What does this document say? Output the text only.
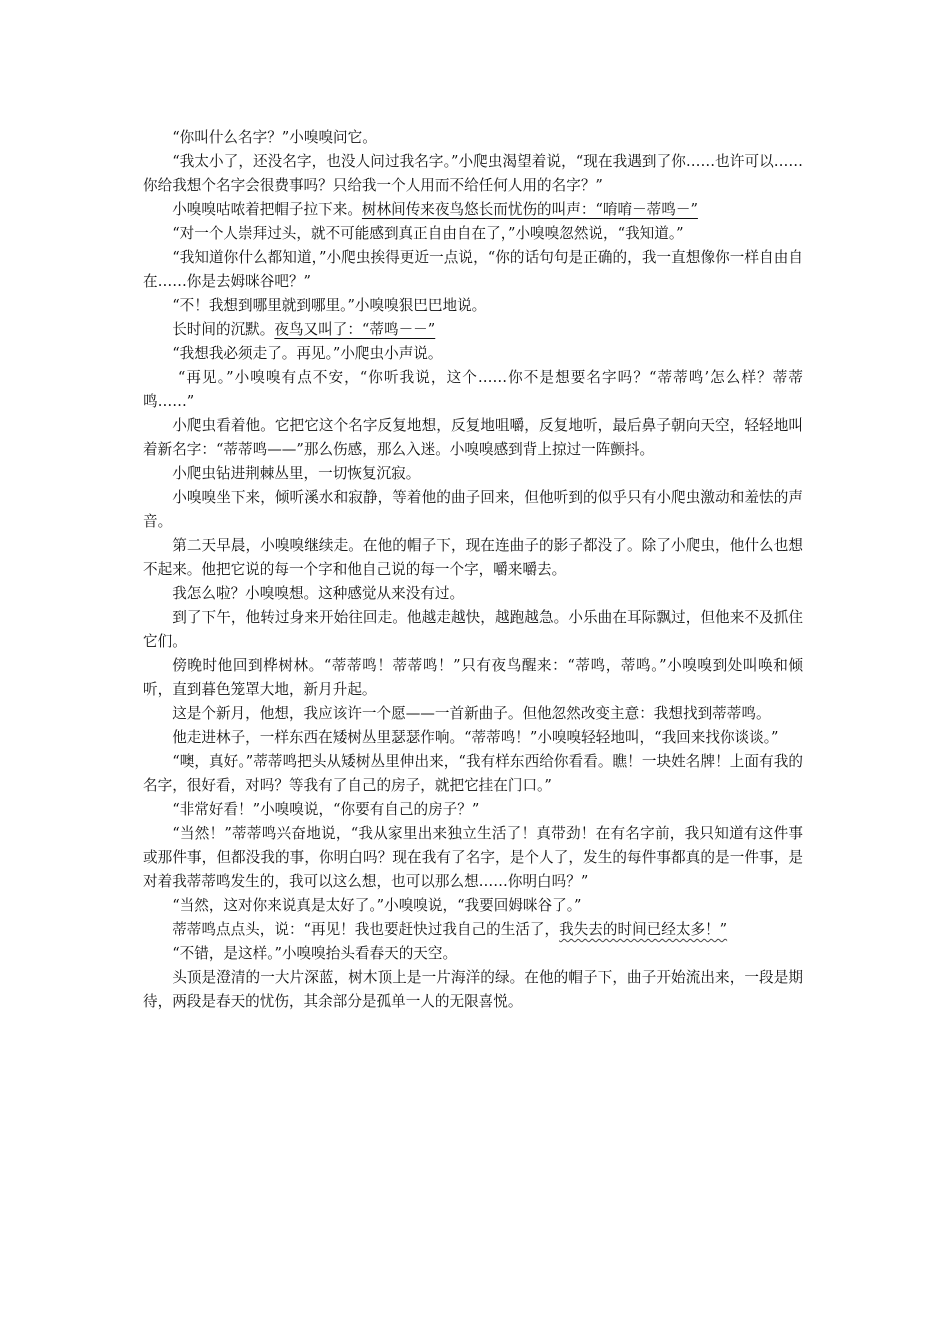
“你叫什么名字？”小嗅嗅问它。

“我太小了，还没名字，也没人问过我名字。”小爬虫渴望着说，“现在我遇到了你……也许可以……你给我想个名字会很费事吗？只给我一个人用而不给任何人用的名字？”

小嗅嗅咕哝着把帽子拉下来。树林间传来夜鸟悠长而忧伤的叫声：“唷唷－蒂鸣－”

“对一个人崇拜过头，就不可能感到真正自由自在了，”小嗅嗅忽然说，“我知道。”

“我知道你什么都知道，”小爬虫挨得更近一点说，“你的话句句是正确的，我一直想像你一样自由自在……你是去姆咪谷吧？”

“不！我想到哪里就到哪里。”小嗅嗅狠巴巴地说。

长时间的沉默。夜鸟又叫了：“蒂鸣－－”

“我想我必须走了。再见。”小爬虫小声说。

“再见。”小嗅嗅有点不安，“你听我说，这个……你不是想要名字吗？“蒂蒂鸣’怎么样？蒂蒂鸣……”

小爬虫看着他。它把它这个名字反复地想，反复地咀嚼，反复地听，最后鼻子朝向天空，轻轻地叫着新名字：“蒂蒂鸣——”那么伤感，那么入迷。小嗅嗅感到背上掠过一阵颤抖。

小爬虫钻进荆棘丛里，一切恢复沉寂。

小嗅嗅坐下来，倾听溪水和寂静，等着他的曲子回来，但他听到的似乎只有小爬虫激动和羞怯的声音。

第二天早晨，小嗅嗅继续走。在他的帽子下，现在连曲子的影子都没了。除了小爬虫，他什么也想不起来。他把它说的每一个字和他自己说的每一个字，嚼来嚼去。

我怎么啦？小嗅嗅想。这种感觉从来没有过。

到了下午，他转过身来开始往回走。他越走越快，越跑越急。小乐曲在耳际飘过，但他来不及抓住它们。

傍晚时他回到桦树林。“蒂蒂鸣！蒂蒂鸣！”只有夜鸟醒来：“蒂鸣，蒂鸣。”小嗅嗅到处叫唤和倾听，直到暮色笼罩大地，新月升起。

这是个新月，他想，我应该许一个愿——一首新曲子。但他忽然改变主意：我想找到蒂蒂鸣。

他走进林子，一样东西在矮树丛里瑟瑟作响。“蒂蒂鸣！”小嗅嗅轻轻地叫，“我回来找你谈谈。”

“噢，真好。”蒂蒂鸣把头从矮树丛里伸出来，“我有样东西给你看看。瞧！一块姓名牌！上面有我的名字，很好看，对吗？等我有了自己的房子，就把它挂在门口。”

“非常好看！”小嗅嗅说，“你要有自己的房子？”

“当然！”蒂蒂鸣兴奋地说，“我从家里出来独立生活了！真带劲！在有名字前，我只知道有这件事或那件事，但都没我的事，你明白吗？现在我有了名字，是个人了，发生的每件事都真的是一件事，是对着我蒂蒂鸣发生的，我可以这么想，也可以那么想……你明白吗？”

“当然，这对你来说真是太好了。”小嗅嗅说，“我要回姆咪谷了。”

蒂蒂鸣点点头，说：“再见！我也要赶快过我自己的生活了，我失去的时间已经太多！”

“不错，是这样。”小嗅嗅抬头看春天的天空。

头顶是澄清的一大片深蓝，树木顶上是一片海洋的绿。在他的帽子下，曲子开始流出来，一段是期待，两段是春天的忧伤，其余部分是孤单一人的无限喜悦。
